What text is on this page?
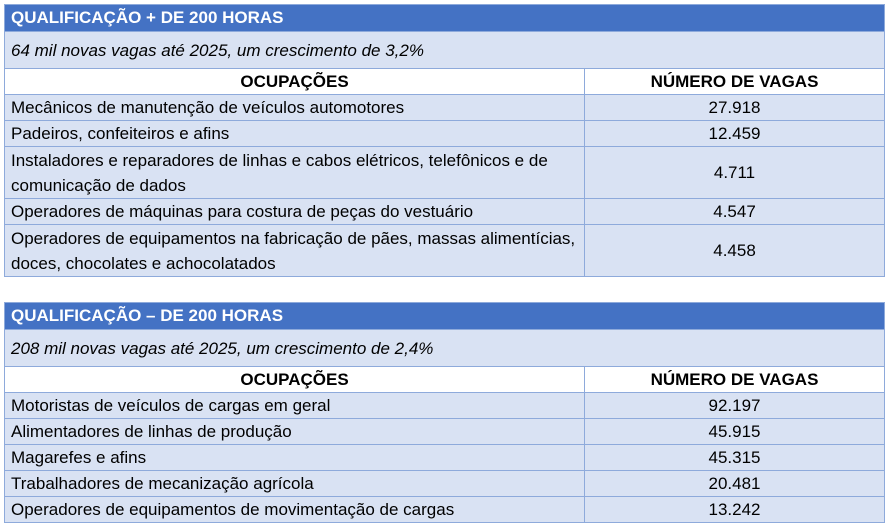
QUALIFICAÇÃO + DE 200 HORAS	
64 mil novas vagas até 2025, um crescimento de 3,2%	
OCUPAÇÕES	NÚMERO DE VAGAS
Mecânicos de manutenção de veículos automotores	27.918
Padeiros, confeiteiros e afins	12.459
Instaladores e reparadores de linhas e cabos elétricos, telefônicos e de comunicação de dados	4.711
Operadores de máquinas para costura de peças do vestuário	4.547
Operadores de equipamentos na fabricação de pães, massas alimentícias, doces, chocolates e achocolatados	4.458
QUALIFICAÇÃO – DE 200 HORAS	
208 mil novas vagas até 2025, um crescimento de 2,4%	
OCUPAÇÕES	NÚMERO DE VAGAS
Motoristas de veículos de cargas em geral	92.197
Alimentadores de linhas de produção	45.915
Magarefes e afins	45.315
Trabalhadores de mecanização agrícola	20.481
Operadores de equipamentos de movimentação de cargas	13.242
